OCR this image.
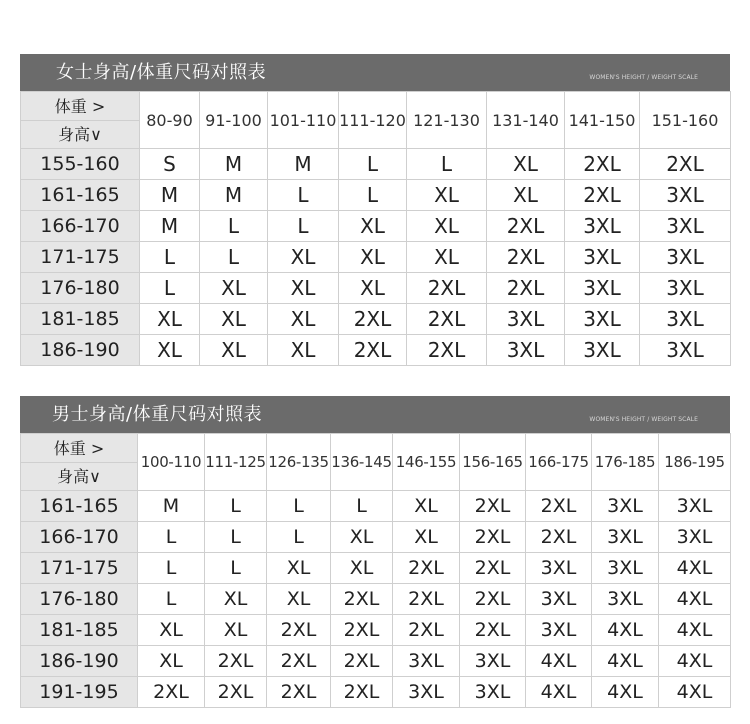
女士身高/体重尺码对照表	WOMEN'S HEIGHT / WEIGHT SCALE
体重 >
身高∨	80-90	91-100	101-110	111-120	121-130	131-140	141-150	151-160
155-160	S	M	M	L	L	XL	2XL	2XL
161-165	M	M	L	L	XL	XL	2XL	3XL
166-170	M	L	L	XL	XL	2XL	3XL	3XL
171-175	L	L	XL	XL	XL	2XL	3XL	3XL
176-180	L	XL	XL	XL	2XL	2XL	3XL	3XL
181-185	XL	XL	XL	2XL	2XL	3XL	3XL	3XL
186-190	XL	XL	XL	2XL	2XL	3XL	3XL	3XL
男士身高/体重尺码对照表	WOMEN'S HEIGHT / WEIGHT SCALE
体重 >
身高∨	100-110	111-125	126-135	136-145	146-155	156-165	166-175	176-185	186-195
161-165	M	L	L	L	XL	2XL	2XL	3XL	3XL
166-170	L	L	L	XL	XL	2XL	2XL	3XL	3XL
171-175	L	L	XL	XL	2XL	2XL	3XL	3XL	4XL
176-180	L	XL	XL	2XL	2XL	2XL	3XL	3XL	4XL
181-185	XL	XL	2XL	2XL	2XL	2XL	3XL	4XL	4XL
186-190	XL	2XL	2XL	2XL	3XL	3XL	4XL	4XL	4XL
191-195	2XL	2XL	2XL	2XL	3XL	3XL	4XL	4XL	4XL
